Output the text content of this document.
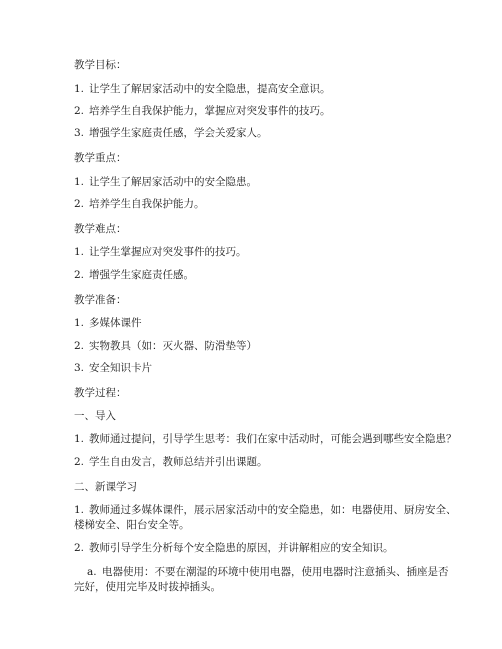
教学目标：
1. 让学生了解居家活动中的安全隐患，提高安全意识。
2. 培养学生自我保护能力，掌握应对突发事件的技巧。
3. 增强学生家庭责任感，学会关爱家人。
教学重点：
1. 让学生了解居家活动中的安全隐患。
2. 培养学生自我保护能力。
教学难点：
1. 让学生掌握应对突发事件的技巧。
2. 增强学生家庭责任感。
教学准备：
1. 多媒体课件
2. 实物教具（如：灭火器、防滑垫等）
3. 安全知识卡片
教学过程：
一、导入
1. 教师通过提问，引导学生思考：我们在家中活动时，可能会遇到哪些安全隐患？
2. 学生自由发言，教师总结并引出课题。
二、新课学习
1. 教师通过多媒体课件，展示居家活动中的安全隐患，如：电器使用、厨房安全、
楼梯安全、阳台安全等。
2. 教师引导学生分析每个安全隐患的原因，并讲解相应的安全知识。
a. 电器使用：不要在潮湿的环境中使用电器，使用电器时注意插头、插座是否
完好，使用完毕及时拔掉插头。
